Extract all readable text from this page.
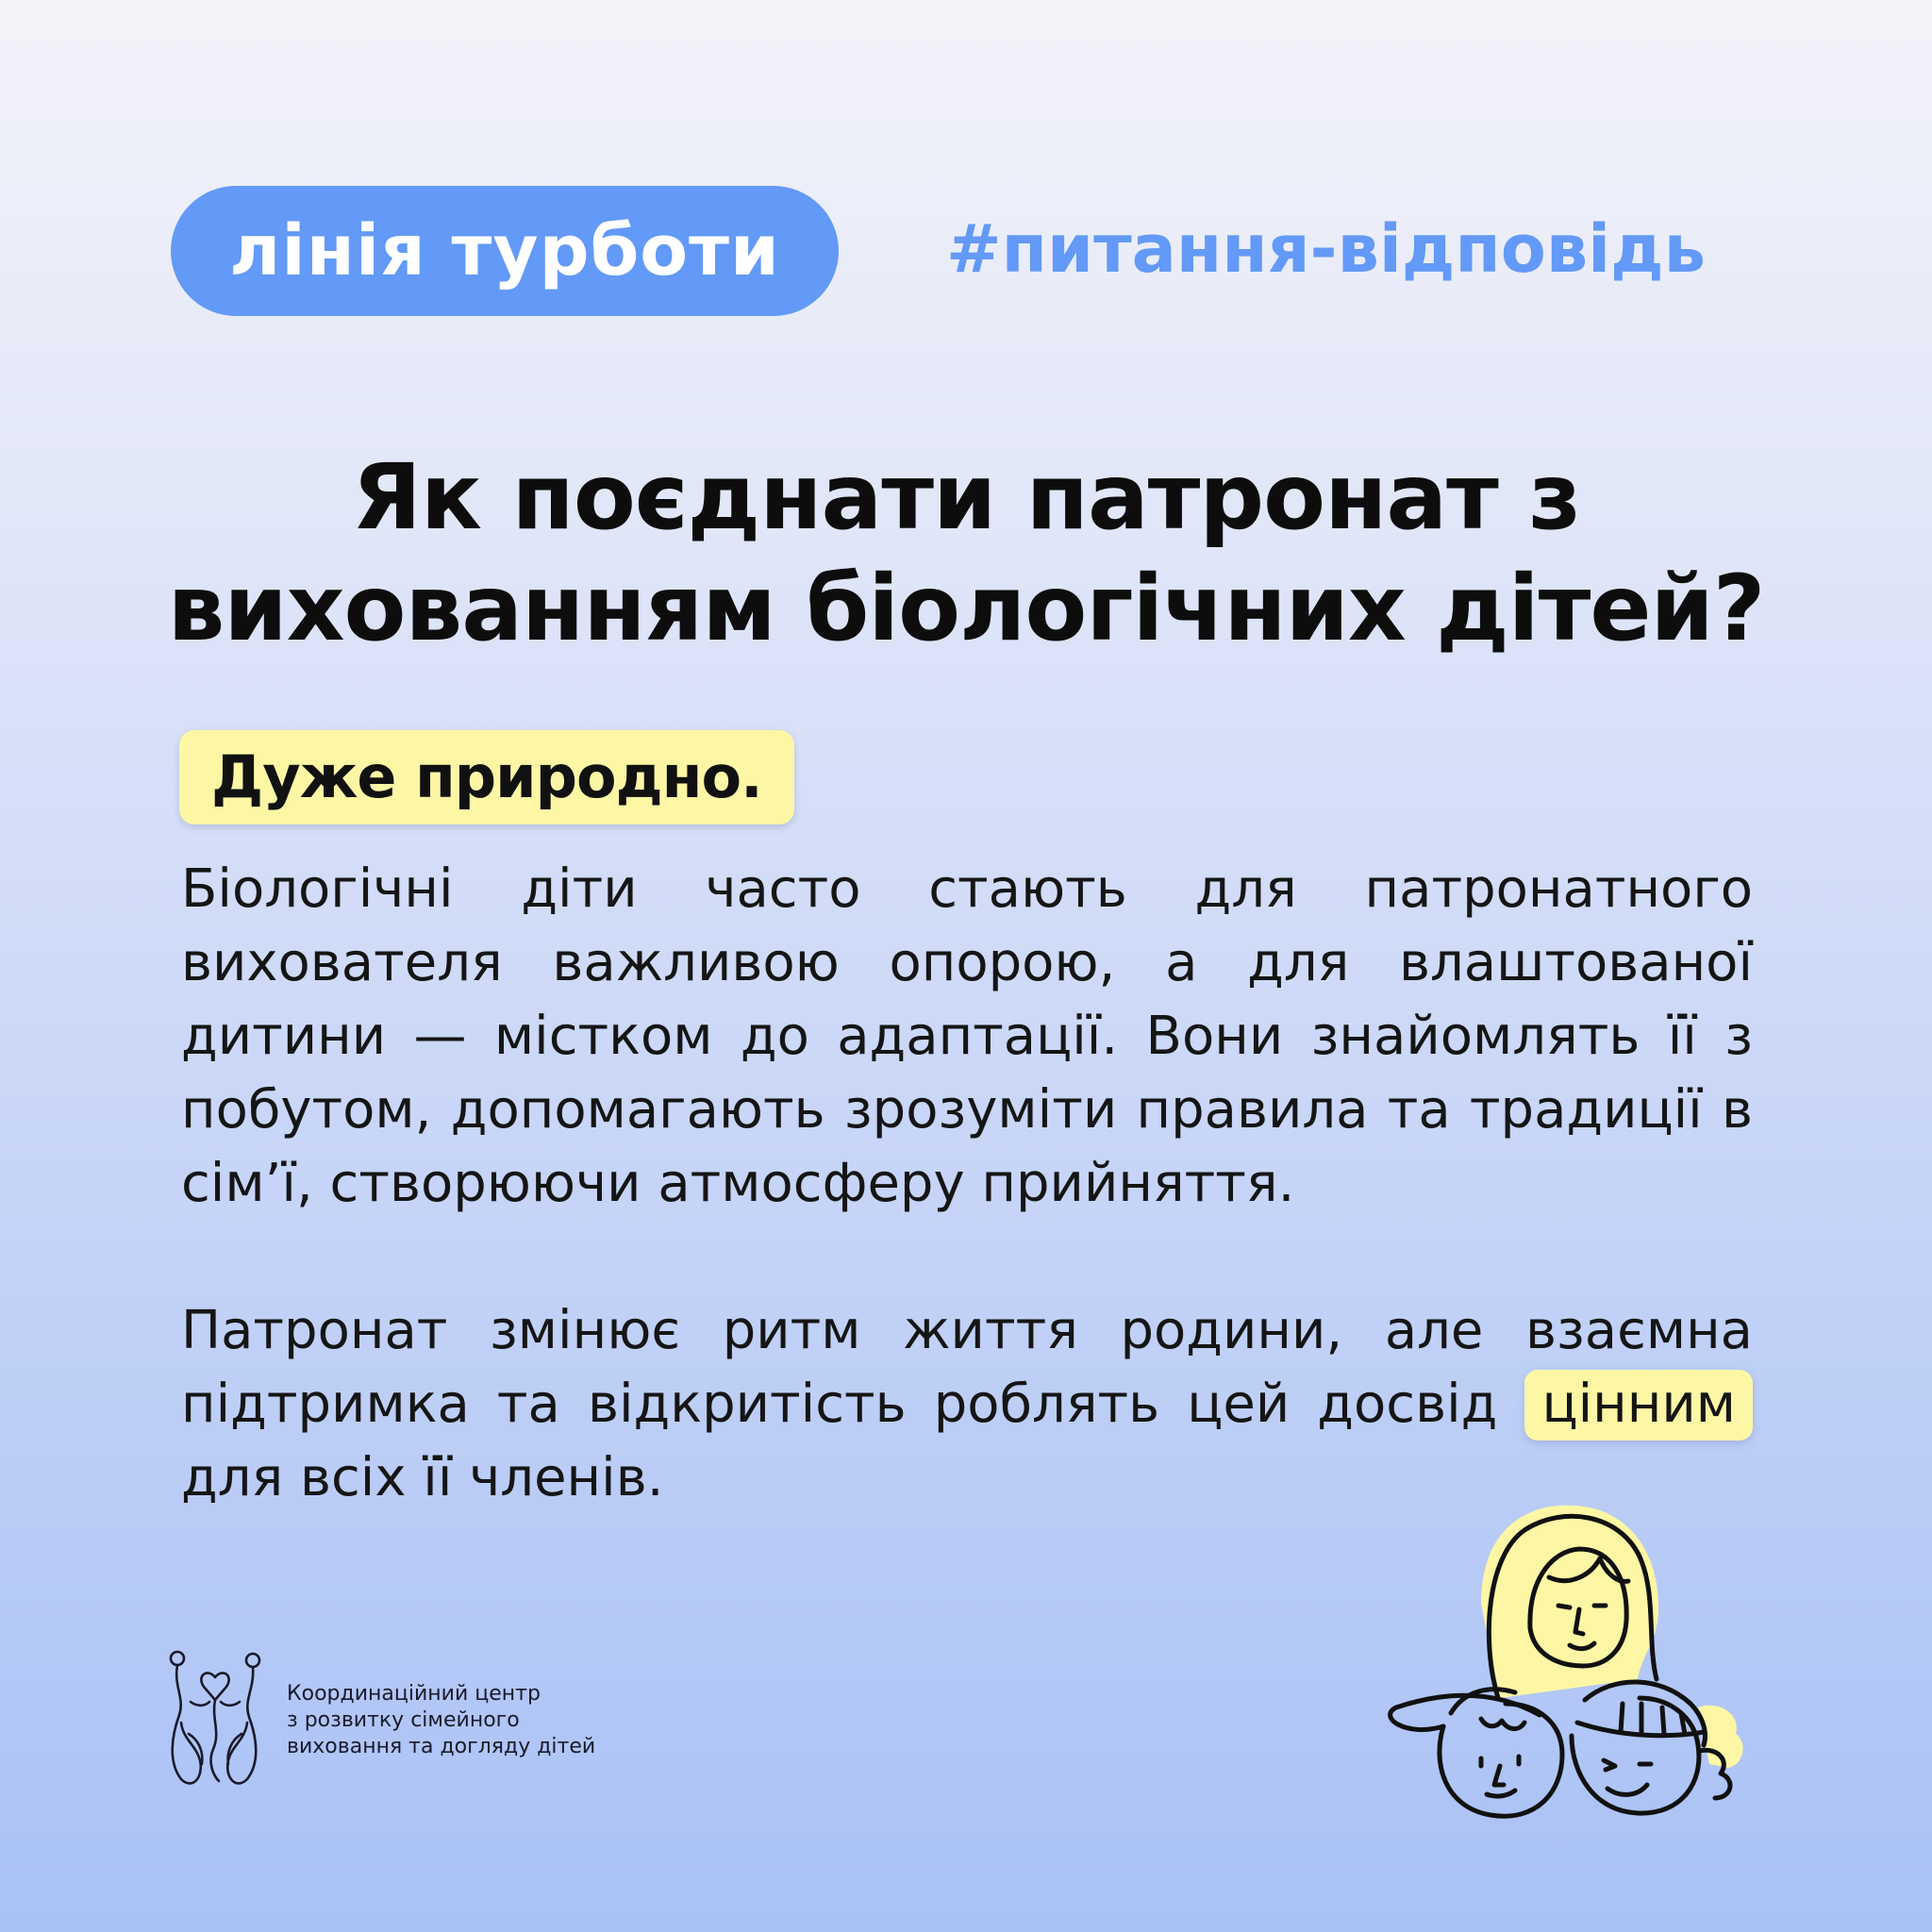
лінія турботи	#питання-відповідь
Як поєднати патронат з
вихованням біологічних дітей?
Дуже природно.

Біологічні діти часто стають для патронатного вихователя важливою опорою, а для влаштованої дитини — містком до адаптації. Вони знайомлять її з побутом, допомагають зрозуміти правила та традиції в сім’ї, створюючи атмосферу прийняття.

Патронат змінює ритм життя родини, але взаємна підтримка та відкритість роблять цей досвід цінним для всіх її членів.

Координаційний центр
з розвитку сімейного
виховання та догляду дітей
